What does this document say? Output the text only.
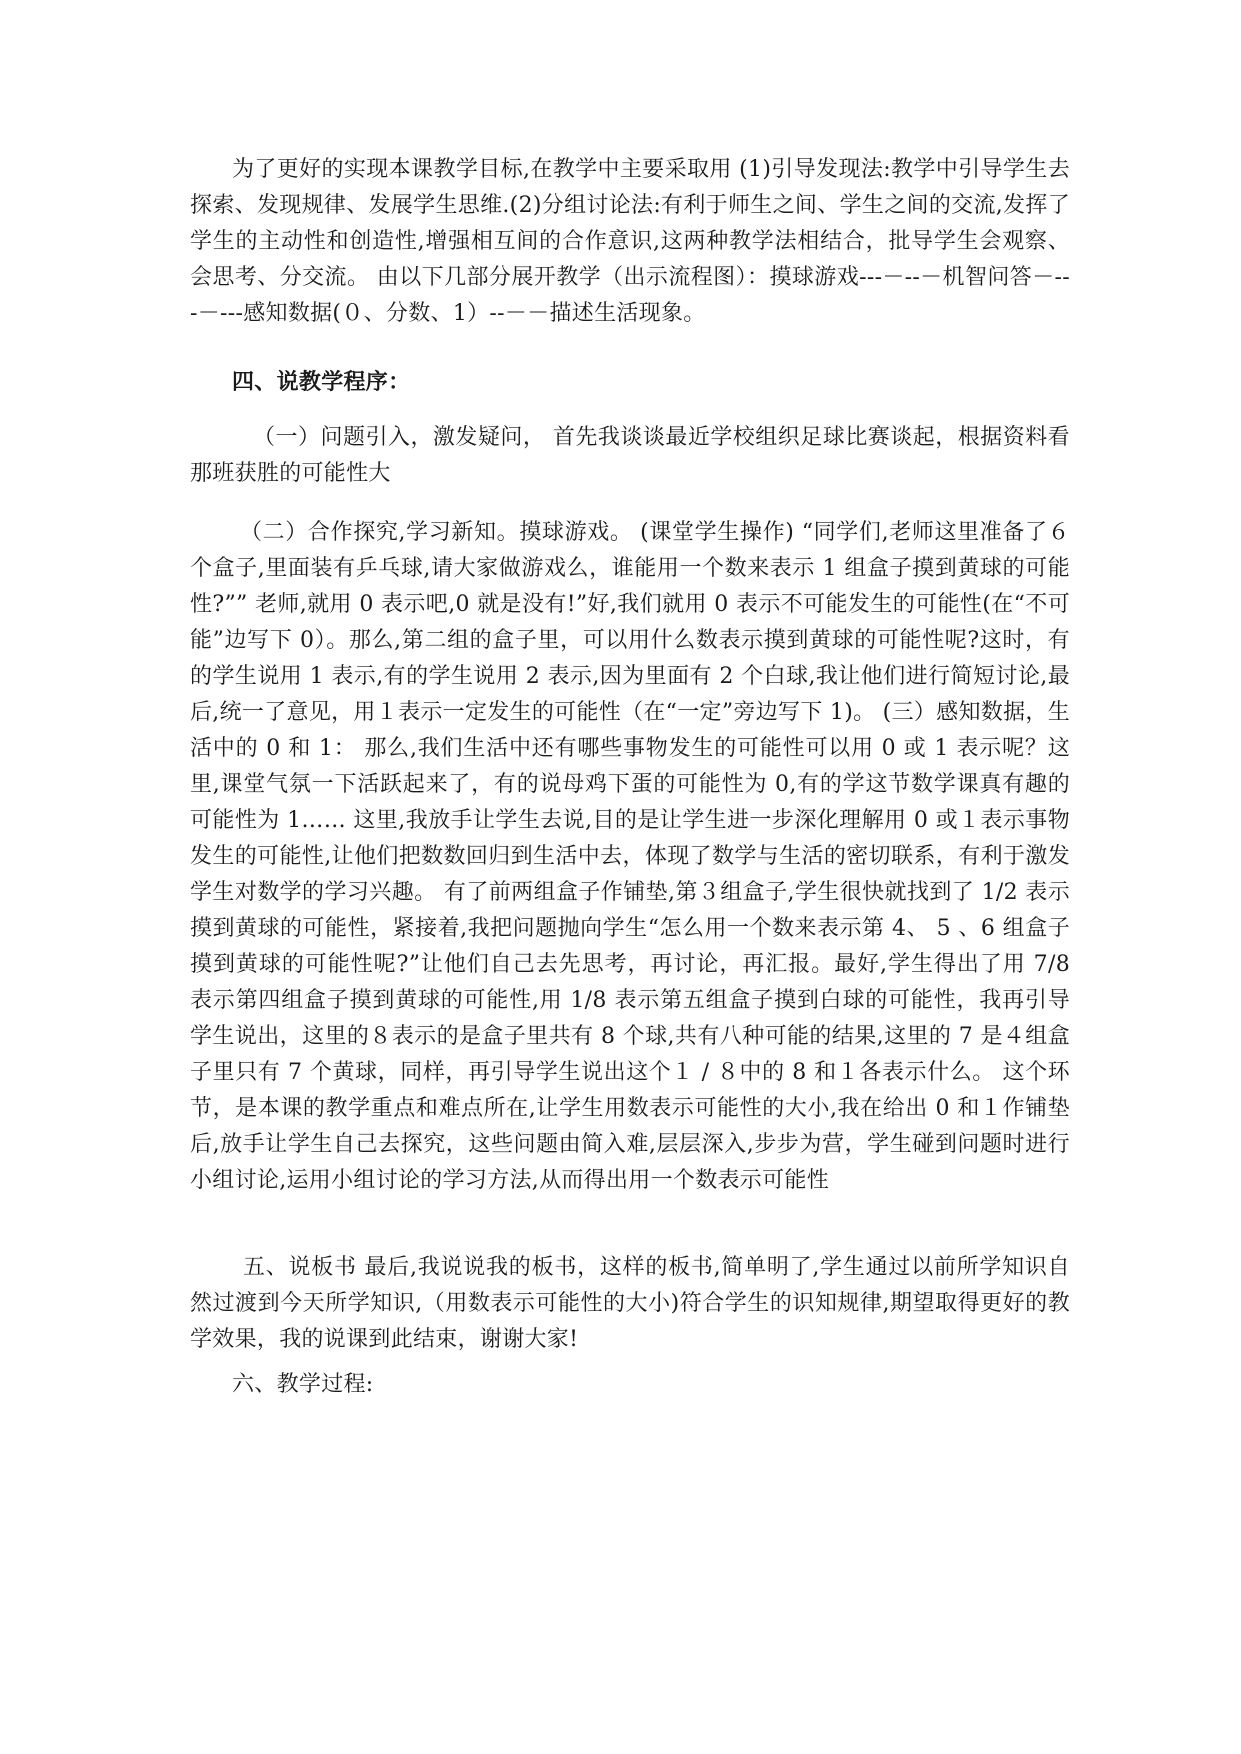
为了更好的实现本课教学目标,在教学中主要采取用 (1)引导发现法:教学中引导学生去探索、发现规律、发展学生思维.(2)分组讨论法:有利于师生之间、学生之间的交流,发挥了学生的主动性和创造性,增强相互间的合作意识,这两种教学法相结合，批导学生会观察、会思考、分交流。 由以下几部分展开教学（出示流程图）：摸球游戏---－--－机智问答－---－---感知数据(０、分数、1）--－－描述生活现象。

四、说教学程序：

（一）问题引入，激发疑问， 首先我谈谈最近学校组织足球比赛谈起，根据资料看那班获胜的可能性大

（二）合作探究,学习新知。摸球游戏。 (课堂学生操作) “同学们,老师这里准备了６个盒子,里面装有乒乓球,请大家做游戏么，谁能用一个数来表示 1 组盒子摸到黄球的可能性?”” 老师,就用 0 表示吧,0 就是没有!”好,我们就用 0 表示不可能发生的可能性(在“不可能”边写下 0）。那么,第二组的盒子里，可以用什么数表示摸到黄球的可能性呢?这时，有的学生说用 1 表示,有的学生说用 2 表示,因为里面有 2 个白球,我让他们进行简短讨论,最后,统一了意见，用１表示一定发生的可能性（在“一定”旁边写下 1)。 (三）感知数据，生活中的 0 和 1： 那么,我们生活中还有哪些事物发生的可能性可以用 0 或 1 表示呢？这里,课堂气氛一下活跃起来了，有的说母鸡下蛋的可能性为 0,有的学这节数学课真有趣的可能性为 1…… 这里,我放手让学生去说,目的是让学生进一步深化理解用 0 或１表示事物发生的可能性,让他们把数数回归到生活中去，体现了数学与生活的密切联系，有利于激发学生对数学的学习兴趣。 有了前两组盒子作铺垫,第３组盒子,学生很快就找到了 1/2 表示摸到黄球的可能性，紧接着,我把问题抛向学生“怎么用一个数来表示第 4、 5 、6 组盒子摸到黄球的可能性呢?”让他们自己去先思考，再讨论，再汇报。最好,学生得出了用 7/8 表示第四组盒子摸到黄球的可能性,用 1/8 表示第五组盒子摸到白球的可能性，我再引导学生说出，这里的８表示的是盒子里共有 8 个球,共有八种可能的结果,这里的 7 是４组盒子里只有 7 个黄球，同样，再引导学生说出这个１ / ８中的 8 和１各表示什么。 这个环节，是本课的教学重点和难点所在,让学生用数表示可能性的大小,我在给出 0 和１作铺垫后,放手让学生自己去探究，这些问题由简入难,层层深入,步步为营，学生碰到问题时进行小组讨论,运用小组讨论的学习方法,从而得出用一个数表示可能性

五、说板书 最后,我说说我的板书，这样的板书,简单明了,学生通过以前所学知识自然过渡到今天所学知识,（用数表示可能性的大小)符合学生的识知规律,期望取得更好的教学效果，我的说课到此结束，谢谢大家!

六、教学过程:
